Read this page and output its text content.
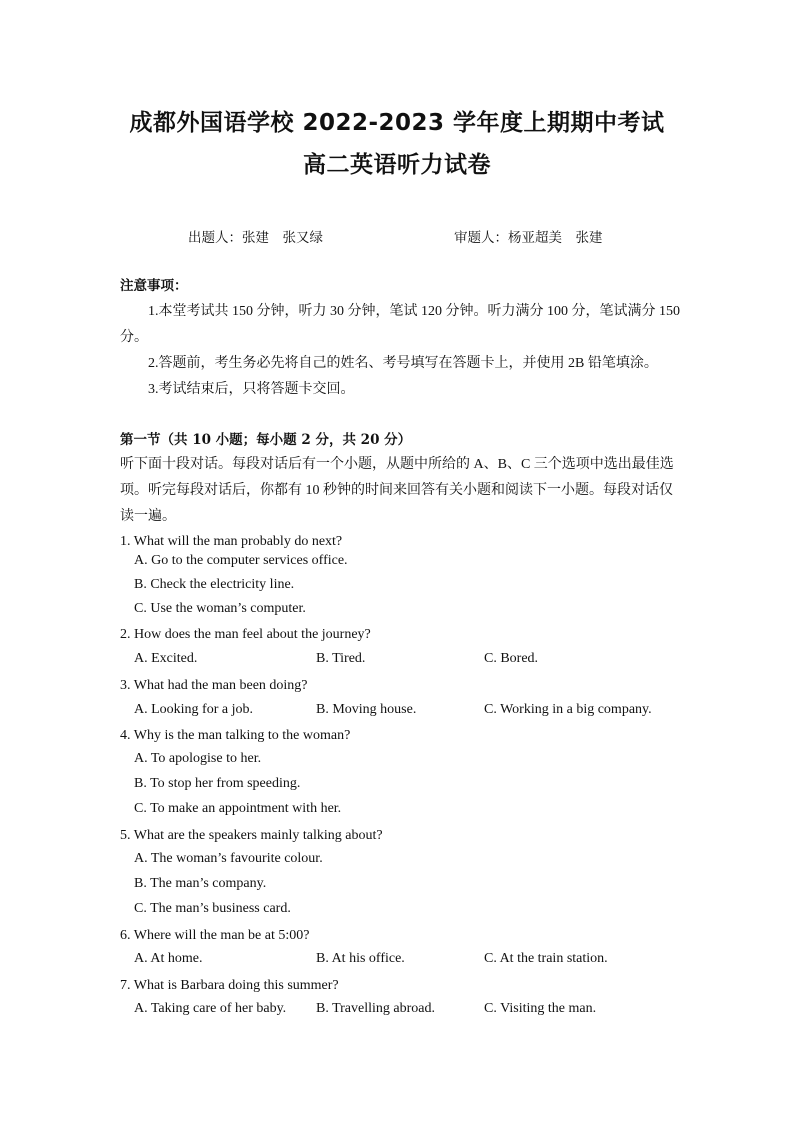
成都外国语学校 2022-2023 学年度上期期中考试
高二英语听力试卷
出题人：张建　张又绿	审题人：杨亚超美　张建
注意事项：
1.本堂考试共 150 分钟，听力 30 分钟，笔试 120 分钟。听力满分 100 分，笔试满分 150
分。
2.答题前，考生务必先将自己的姓名、考号填写在答题卡上，并使用 2B 铅笔填涂。
3.考试结束后，只将答题卡交回。
第一节（共 10 小题；每小题 2 分，共 20 分）
听下面十段对话。每段对话后有一个小题，从题中所给的 A、B、C 三个选项中选出最佳选
项。听完每段对话后，你都有 10 秒钟的时间来回答有关小题和阅读下一小题。每段对话仅
读一遍。
1. What will the man probably do next?
A. Go to the computer services office.
B. Check the electricity line.
C. Use the woman’s computer.
2. How does the man feel about the journey?
A. Excited.	B. Tired.	C. Bored.
3. What had the man been doing?
A. Looking for a job.	B. Moving house.	C. Working in a big company.
4. Why is the man talking to the woman?
A. To apologise to her.
B. To stop her from speeding.
C. To make an appointment with her.
5. What are the speakers mainly talking about?
A. The woman’s favourite colour.
B. The man’s company.
C. The man’s business card.
6. Where will the man be at 5:00?
A. At home.	B. At his office.	C. At the train station.
7. What is Barbara doing this summer?
A. Taking care of her baby. B. Travelling abroad.	C. Visiting the man.
